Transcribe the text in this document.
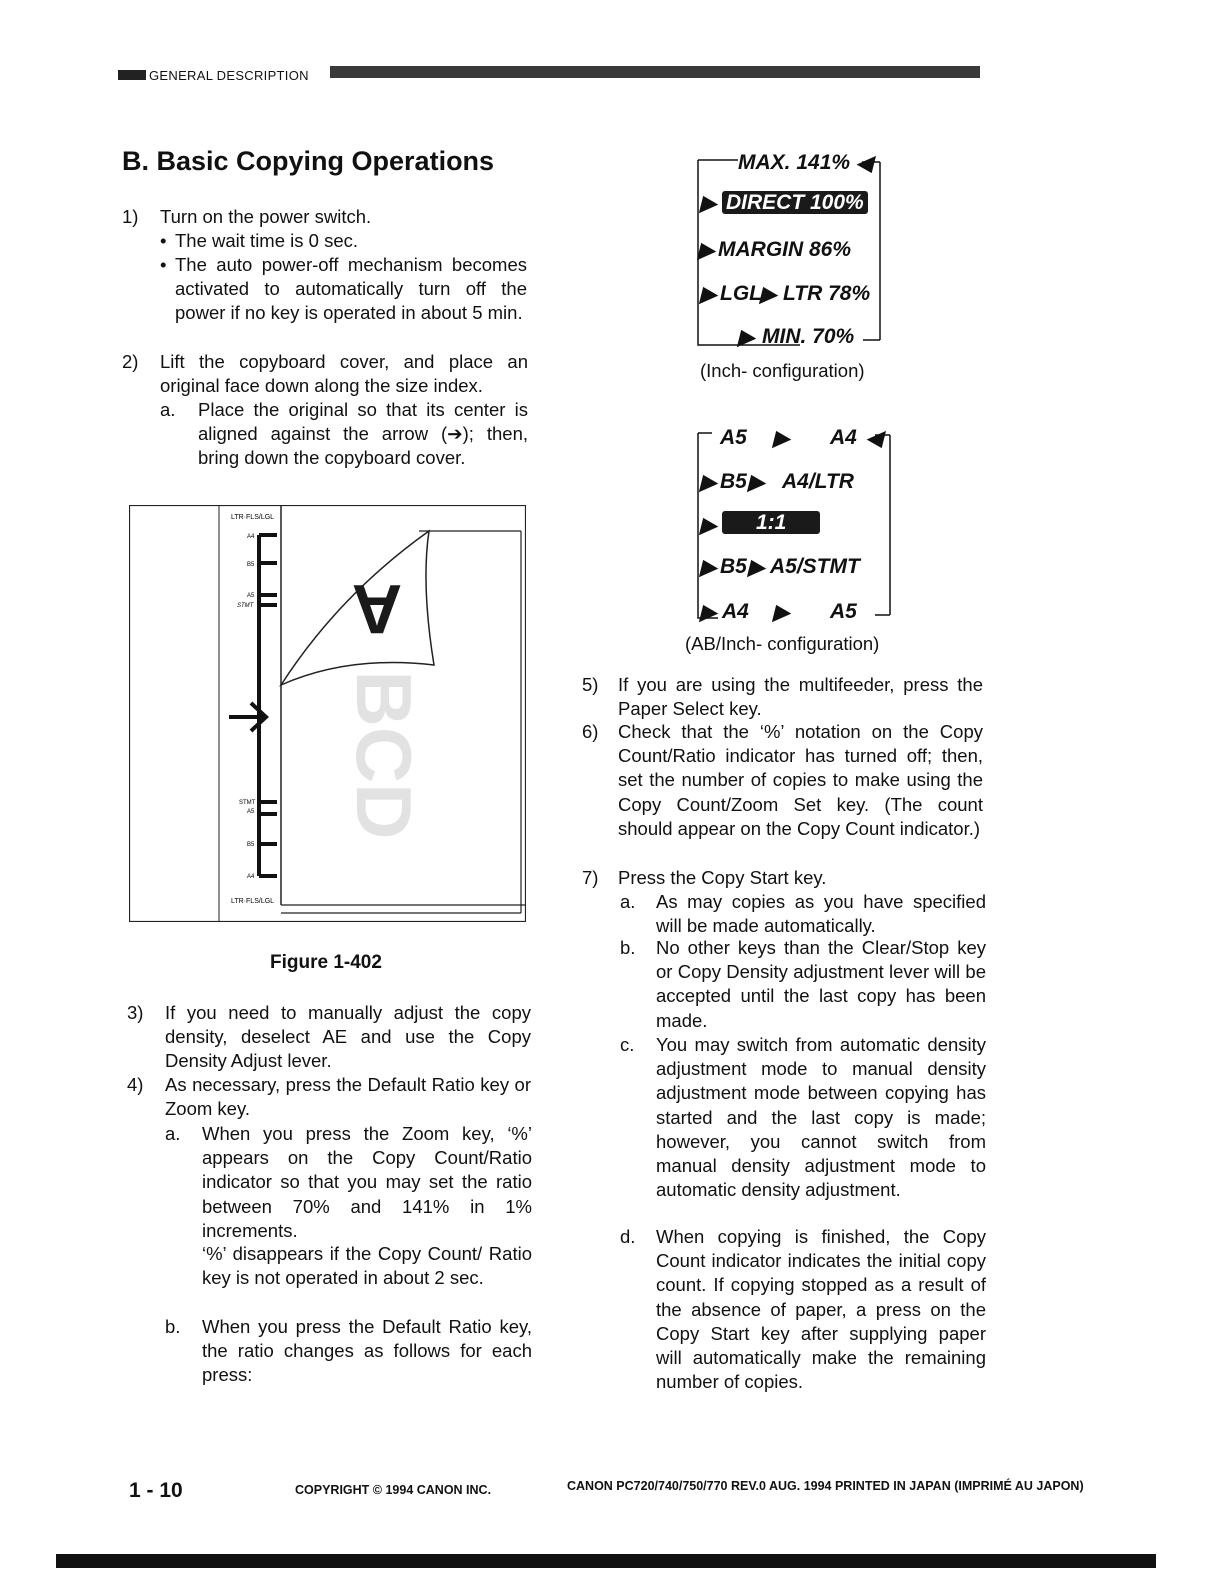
GENERAL DESCRIPTION
B. Basic Copying Operations
1) Turn on the power switch.
• The wait time is 0 sec.
• The auto power-off mechanism becomes activated to automatically turn off the power if no key is operated in about 5 min.
2) Lift the copyboard cover, and place an original face down along the size index.
a. Place the original so that its center is aligned against the arrow (➔); then, bring down the copyboard cover.
LTR·FLS/LGL
A4
B5
A5
STMT
STMT
A5
B5
A4
LTR·FLS/LGL
BCD
A
Figure 1-402
3) If you need to manually adjust the copy density, deselect AE and use the Copy Density Adjust lever.
4) As necessary, press the Default Ratio key or Zoom key.
a. When you press the Zoom key, ‘%’ appears on the Copy Count/Ratio indicator so that you may set the ratio between 70% and 141% in 1% increments.
‘%’ disappears if the Copy Count/ Ratio key is not operated in about 2 sec.
b. When you press the Default Ratio key, the ratio changes as follows for each press:
MAX. 141% ◀
▶ DIRECT 100%
▶ MARGIN 86%
▶ LGL
▶ LTR 78%
▶ MIN. 70%
(Inch- configuration)
A5 ▶ A4 ◀
▶ B5 ▶ A4/LTR
▶	1:1
▶ B5 ▶ A5/STMT
▶ A4 ▶ A5
(AB/Inch- configuration)
5) If you are using the multifeeder, press the Paper Select key.
6) Check that the ‘%’ notation on the Copy Count/Ratio indicator has turned off; then, set the number of copies to make using the Copy Count/Zoom Set key. (The count should appear on the Copy Count indicator.)
7) Press the Copy Start key.
a. As may copies as you have specified will be made automatically.
b. No other keys than the Clear/Stop key or Copy Density adjustment lever will be accepted until the last copy has been made.
c. You may switch from automatic density adjustment mode to manual density adjustment mode between copying has started and the last copy is made; however, you cannot switch from manual density adjustment mode to automatic density adjustment.
d. When copying is finished, the Copy Count indicator indicates the initial copy count. If copying stopped as a result of the absence of paper, a press on the Copy Start key after supplying paper will automatically make the remaining number of copies.
1 - 10	COPYRIGHT © 1994 CANON INC.	CANON PC720/740/750/770 REV.0 AUG. 1994 PRINTED IN JAPAN (IMPRIMÉ AU JAPON)
